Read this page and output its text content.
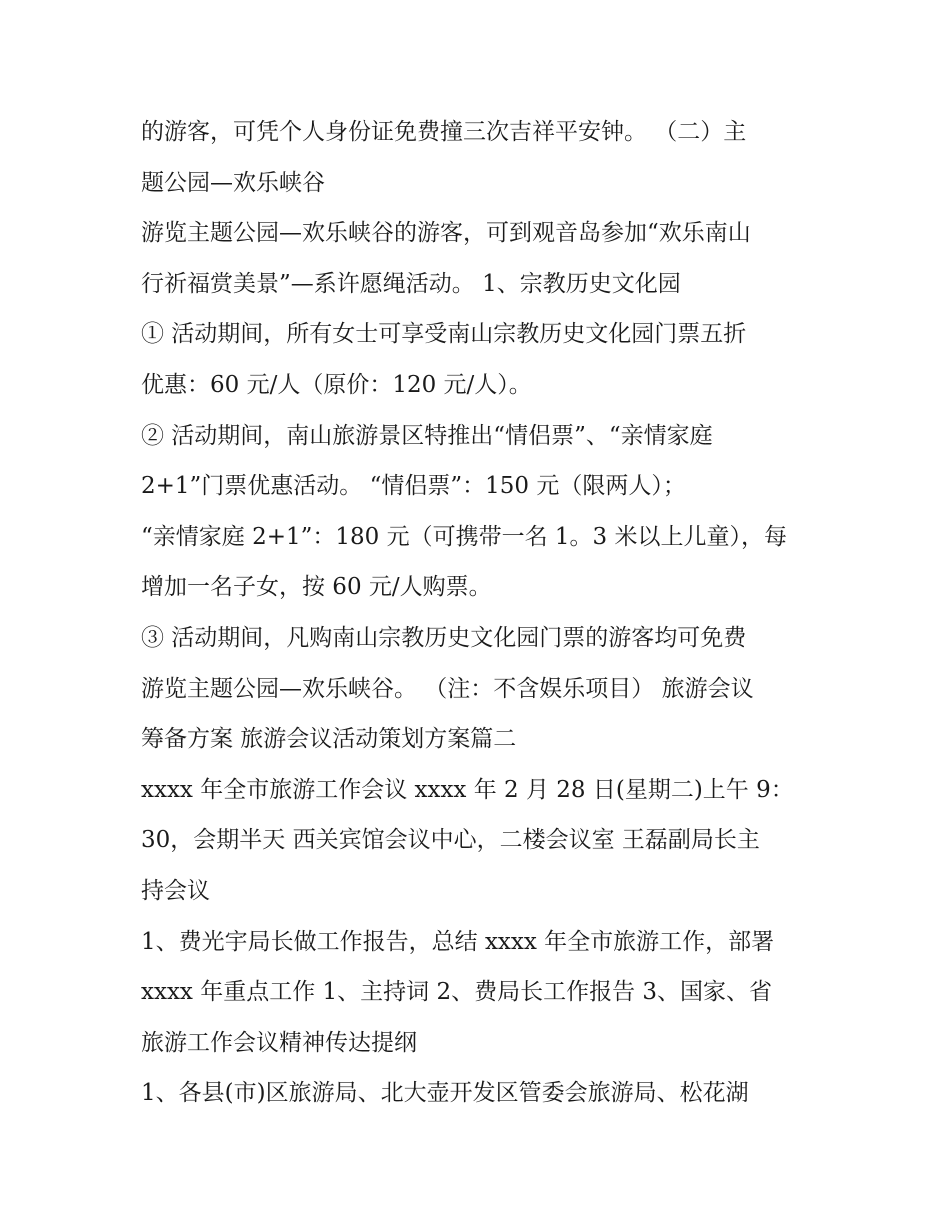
的游客，可凭个人身份证免费撞三次吉祥平安钟。 （二）主
题公园—欢乐峡谷
游览主题公园—欢乐峡谷的游客，可到观音岛参加“欢乐南山
行祈福赏美景”—系许愿绳活动。 1、宗教历史文化园
① 活动期间，所有女士可享受南山宗教历史文化园门票五折
优惠：60 元/人（原价：120 元/人）。
② 活动期间，南山旅游景区特推出“情侣票”、“亲情家庭
2+1”门票优惠活动。 “情侣票”：150 元（限两人）；
“亲情家庭 2+1”：180 元（可携带一名 1。3 米以上儿童），每
增加一名子女，按 60 元/人购票。
③ 活动期间，凡购南山宗教历史文化园门票的游客均可免费
游览主题公园—欢乐峡谷。 （注：不含娱乐项目） 旅游会议
筹备方案 旅游会议活动策划方案篇二
xxxx 年全市旅游工作会议 xxxx 年 2 月 28 日(星期二)上午 9：
30，会期半天 西关宾馆会议中心，二楼会议室 王磊副局长主
持会议
1、费光宇局长做工作报告，总结 xxxx 年全市旅游工作，部署
xxxx 年重点工作 1、主持词 2、费局长工作报告 3、国家、省
旅游工作会议精神传达提纲
1、各县(市)区旅游局、北大壶开发区管委会旅游局、松花湖
